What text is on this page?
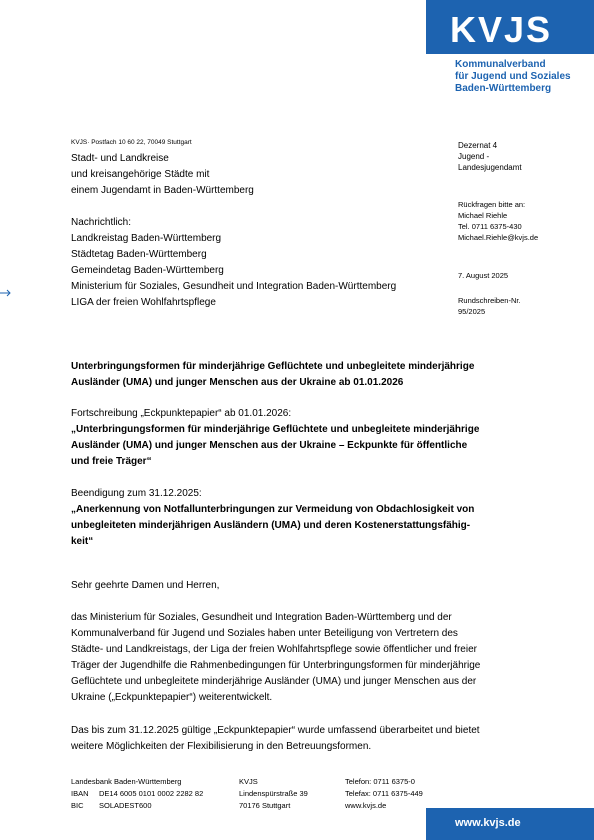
KVJS
Kommunalverband
für Jugend und Soziales
Baden-Württemberg
KVJS· Postfach 10 60 22, 70049 Stuttgart
Stadt- und Landkreise
und kreisangehörige Städte mit
einem Jugendamt in Baden-Württemberg
Nachrichtlich:
Landkreistag Baden-Württemberg
Städtetag Baden-Württemberg
Gemeindetag Baden-Württemberg
Ministerium für Soziales, Gesundheit und Integration Baden-Württemberg
LIGA der freien Wohlfahrtspflege
Dezernat 4
Jugend -
Landesjugendamt
Rückfragen bitte an:
Michael Riehle
Tel. 0711 6375-430
Michael.Riehle@kvjs.de
7. August 2025
Rundschreiben-Nr.
95/2025
Unterbringungsformen für minderjährige Geflüchtete und unbegleitete minderjährige
Ausländer (UMA) und junger Menschen aus der Ukraine ab 01.01.2026
Fortschreibung „Eckpunktepapier“ ab 01.01.2026:
„Unterbringungsformen für minderjährige Geflüchtete und unbegleitete minderjährige
Ausländer (UMA) und junger Menschen aus der Ukraine – Eckpunkte für öffentliche
und freie Träger“
Beendigung zum 31.12.2025:
„Anerkennung von Notfallunterbringungen zur Vermeidung von Obdachlosigkeit von
unbegleiteten minderjährigen Ausländern (UMA) und deren Kostenerstattungsfähig-
keit“
Sehr geehrte Damen und Herren,
das Ministerium für Soziales, Gesundheit und Integration Baden-Württemberg und der
Kommunalverband für Jugend und Soziales haben unter Beteiligung von Vertretern des
Städte- und Landkreistags, der Liga der freien Wohlfahrtspflege sowie öffentlicher und freier
Träger der Jugendhilfe die Rahmenbedingungen für Unterbringungsformen für minderjährige
Geflüchtete und unbegleitete minderjährige Ausländer (UMA) und junger Menschen aus der
Ukraine („Eckpunktepapier“) weiterentwickelt.
Das bis zum 31.12.2025 gültige „Eckpunktepapier“ wurde umfassend überarbeitet und bietet
weitere Möglichkeiten der Flexibilisierung in den Betreuungsformen.
Landesbank Baden-Württemberg
IBAN DE14 6005 0101 0002 2282 82
BIC SOLADEST600
KVJS
Lindenspürstraße 39
70176 Stuttgart
Telefon: 0711 6375-0
Telefax: 0711 6375-449
www.kvjs.de
www.kvjs.de
